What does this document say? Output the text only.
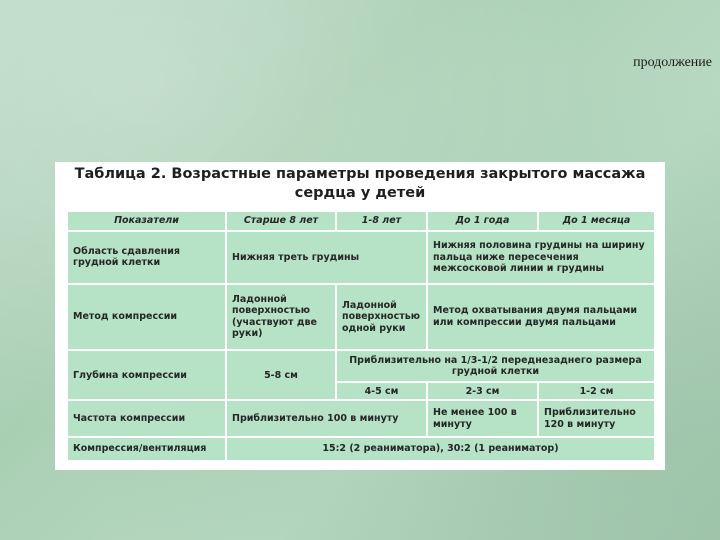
продолжение
Таблица 2. Возрастные параметры проведения закрытого массажа
сердца у детей
Показатели	Старше 8 лет	1-8 лет	До 1 года	До 1 месяца
Область сдавления грудной клетки	Нижняя треть грудины		Нижняя половина грудины на ширину пальца ниже пересечения межсосковой линии и грудины	
Метод компрессии	Ладонной поверхностью (участвуют две руки)	Ладонной поверхностью одной руки	Метод охватывания двумя пальцами или компрессии двумя пальцами	
Глубина компрессии	5-8 см	Приблизительно на 1/3-1/2 переднезаднего размера грудной клетки		
		4-5 см	2-3 см	1-2 см
Частота компрессии	Приблизительно 100 в минуту		Не менее 100 в минуту	Приблизительно 120 в минуту
Компрессия/вентиляция	15:2 (2 реаниматора), 30:2 (1 реаниматор)			
